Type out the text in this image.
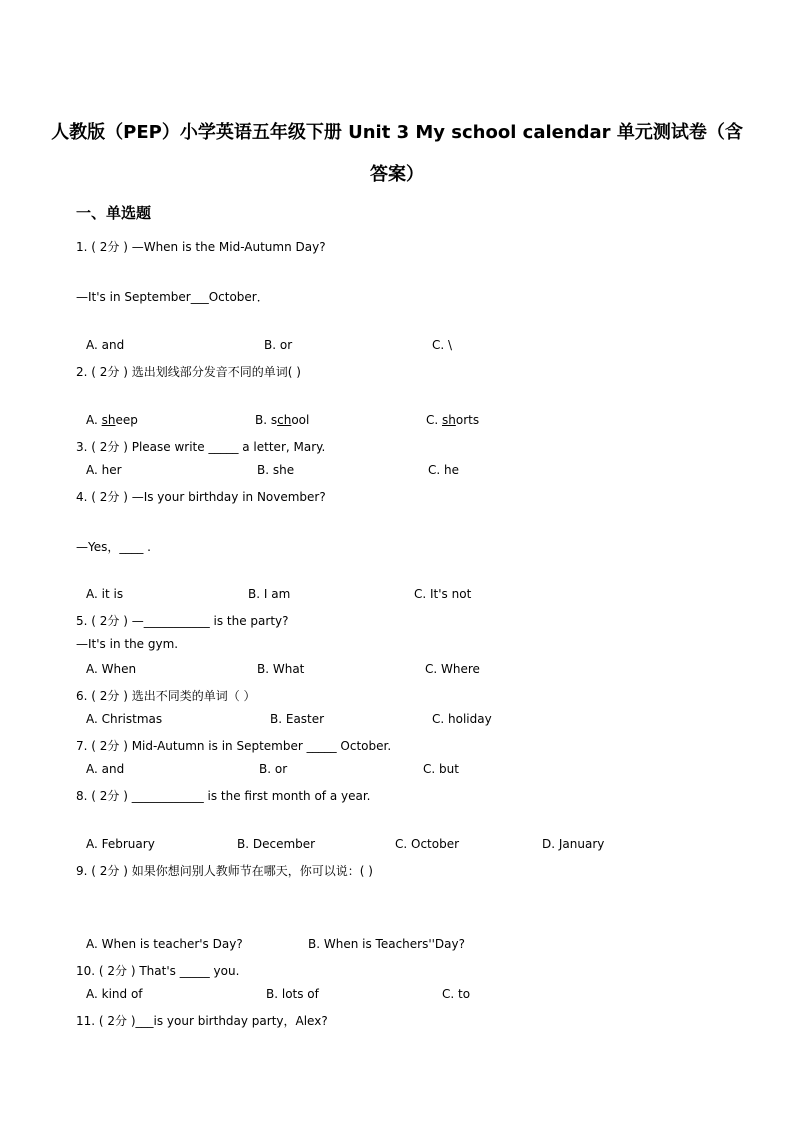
人教版（PEP）小学英语五年级下册 Unit 3 My school calendar 单元测试卷（含
答案）
一、单选题
1. ( 2分 ) —When is the Mid-Autumn Day?
—It's in September___October．
A. and	B. or	C. \
2. ( 2分 ) 选出划线部分发音不同的单词( )
A. sheep	B. school	C. shorts
3. ( 2分 ) Please write _____ a letter, Mary.
A. her	B. she	C. he
4. ( 2分 ) —Is your birthday in November?
—Yes，____ .
A. it is	B. I am	C. It's not
5. ( 2分 ) —___________ is the party?
—It's in the gym.
A. When	B. What	C. Where
6. ( 2分 ) 选出不同类的单词（ ）
A. Christmas	B. Easter	C. holiday
7. ( 2分 ) Mid-Autumn is in September _____ October.
A. and	B. or	C. but
8. ( 2分 ) ____________ is the first month of a year.
A. February	B. December	C. October	D. January
9. ( 2分 ) 如果你想问别人教师节在哪天，你可以说：( )
A. When is teacher's Day?	B. When is Teachers''Day?
10. ( 2分 ) That's _____ you.
A. kind of	B. lots of	C. to
11. ( 2分 )___is your birthday party，Alex?
